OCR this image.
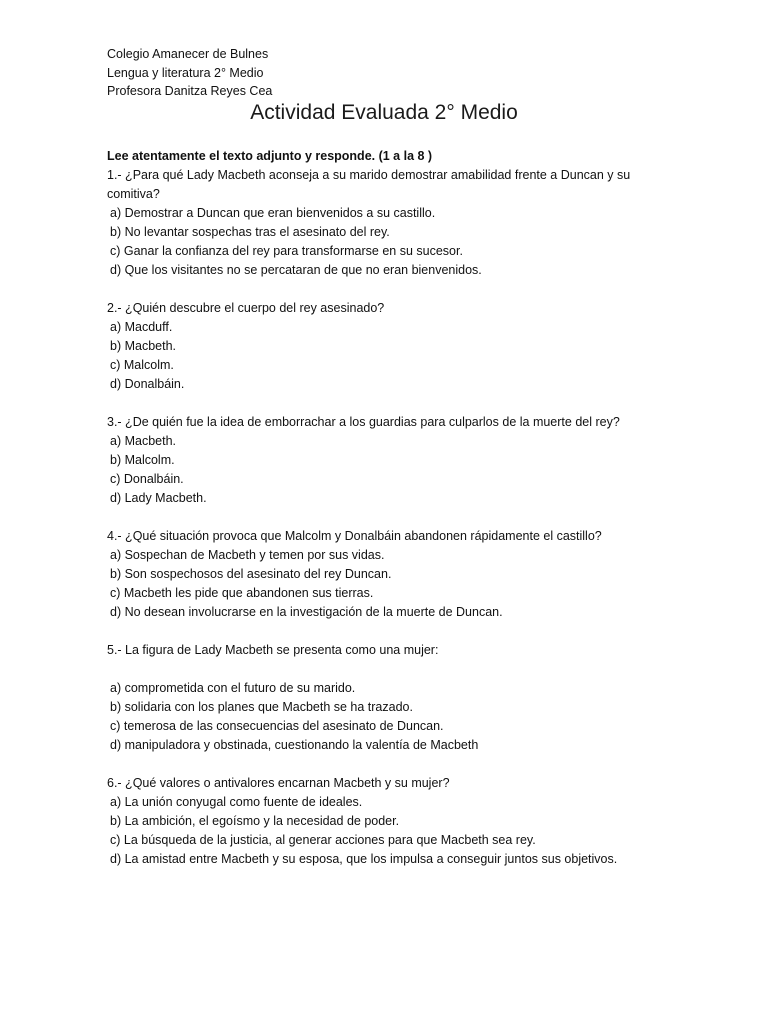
Colegio Amanecer de Bulnes
Lengua y literatura 2° Medio
Profesora Danitza Reyes Cea
Actividad Evaluada 2° Medio
Lee atentamente el texto adjunto y responde. (1 a la 8 )
1.- ¿Para qué Lady Macbeth aconseja a su marido demostrar amabilidad frente a Duncan y su comitiva?
a) Demostrar a Duncan que eran bienvenidos a su castillo.
b) No levantar sospechas tras el asesinato del rey.
c) Ganar la confianza del rey para transformarse en su sucesor.
d) Que los visitantes no se percataran de que no eran bienvenidos.
2.- ¿Quién descubre el cuerpo del rey asesinado?
a) Macduff.
b) Macbeth.
c) Malcolm.
d) Donalbáin.
3.- ¿De quién fue la idea de emborrachar a los guardias para culparlos de la muerte del rey?
a) Macbeth.
b) Malcolm.
c) Donalbáin.
d) Lady Macbeth.
4.- ¿Qué situación provoca que Malcolm y Donalbáin abandonen rápidamente el castillo?
a) Sospechan de Macbeth y temen por sus vidas.
b) Son sospechosos del asesinato del rey Duncan.
c) Macbeth les pide que abandonen sus tierras.
d) No desean involucrarse en la investigación de la muerte de Duncan.
5.- La figura de Lady Macbeth se presenta como una mujer:
a) comprometida con el futuro de su marido.
b) solidaria con los planes que Macbeth se ha trazado.
c) temerosa de las consecuencias del asesinato de Duncan.
d) manipuladora y obstinada, cuestionando la valentía de Macbeth
6.- ¿Qué valores o antivalores encarnan Macbeth y su mujer?
a) La unión conyugal como fuente de ideales.
b) La ambición, el egoísmo y la necesidad de poder.
c) La búsqueda de la justicia, al generar acciones para que Macbeth sea rey.
d) La amistad entre Macbeth y su esposa, que los impulsa a conseguir juntos sus objetivos.
